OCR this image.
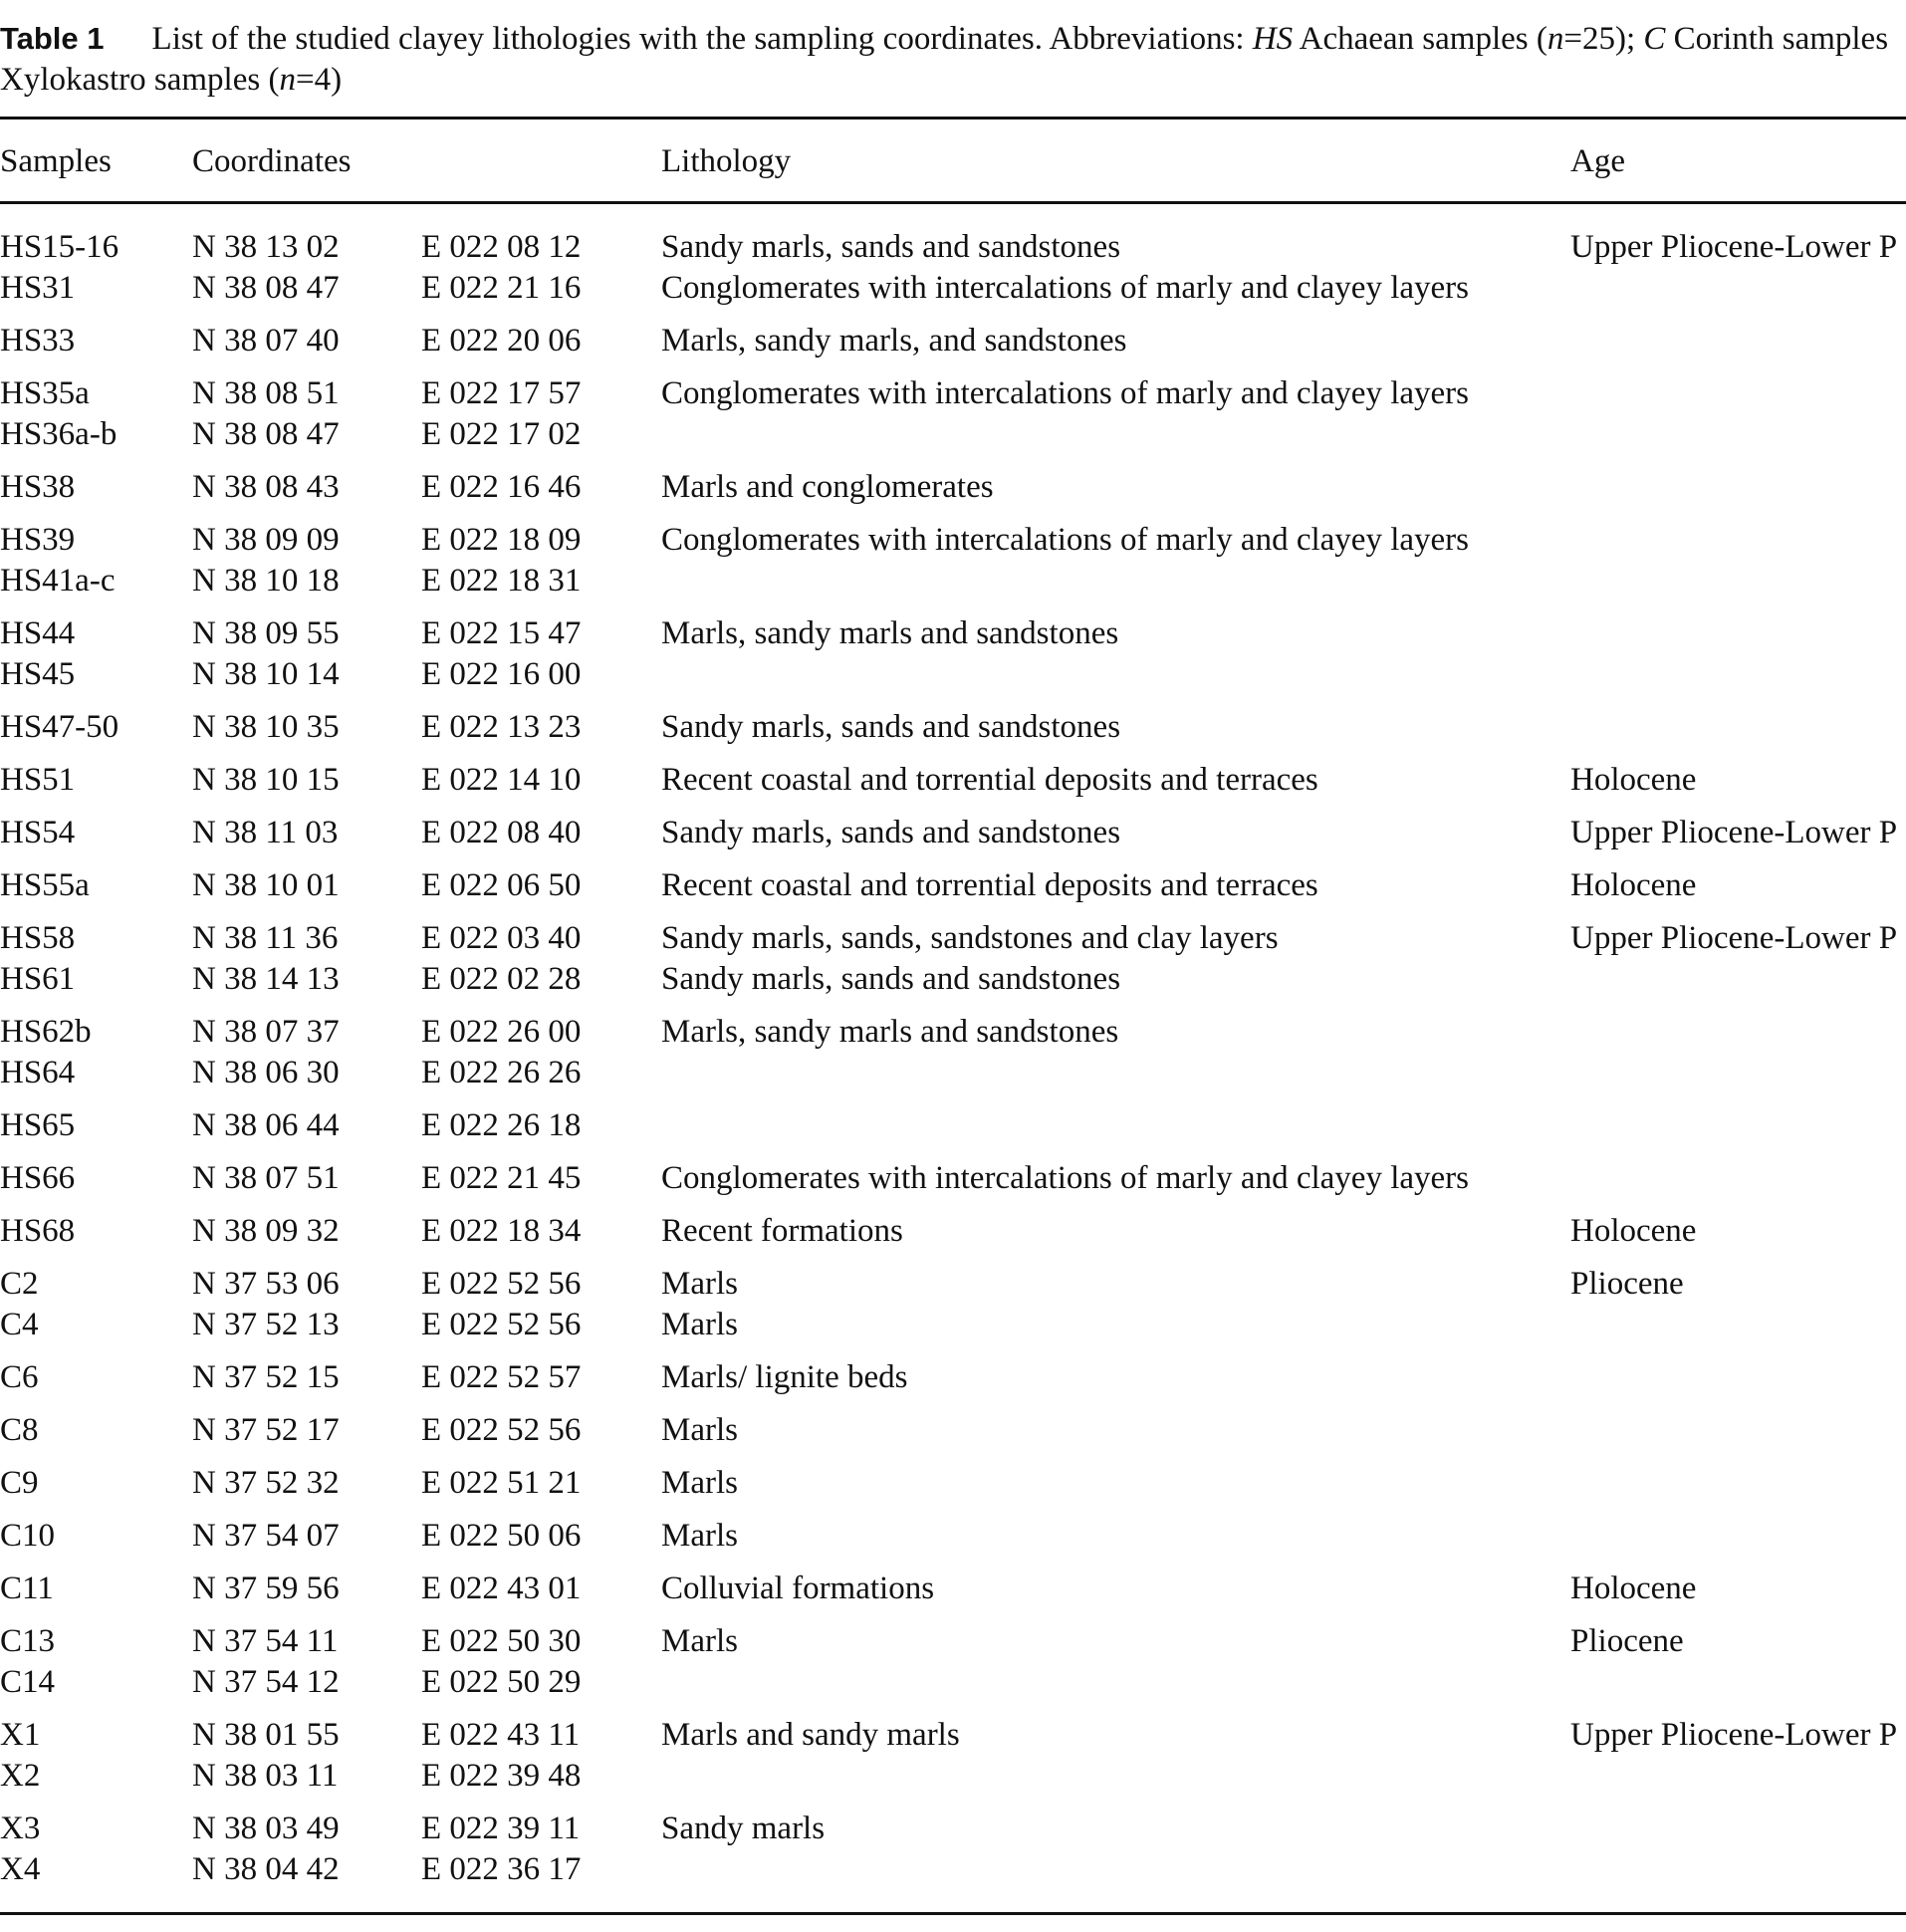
Table 1 List of the studied clayey lithologies with the sampling coordinates. Abbreviations: HS Achaean samples (n=25); C Corinth samples
Xylokastro samples (n=4)
Samples Coordinates	Lithology	Age
HS15-16 N 38 13 02 E 022 08 12 Sandy marls, sands and sandstones	Upper Pliocene-Lower P
HS31	N 38 08 47 E 022 21 16 Conglomerates with intercalations of marly and clayey layers
HS33	N 38 07 40 E 022 20 06 Marls, sandy marls, and sandstones
HS35a	N 38 08 51 E 022 17 57 Conglomerates with intercalations of marly and clayey layers
HS36a-b N 38 08 47 E 022 17 02
HS38	N 38 08 43 E 022 16 46 Marls and conglomerates
HS39	N 38 09 09 E 022 18 09 Conglomerates with intercalations of marly and clayey layers
HS41a-c N 38 10 18 E 022 18 31
HS44	N 38 09 55 E 022 15 47 Marls, sandy marls and sandstones
HS45	N 38 10 14 E 022 16 00
HS47-50 N 38 10 35 E 022 13 23 Sandy marls, sands and sandstones
HS51	N 38 10 15 E 022 14 10 Recent coastal and torrential deposits and terraces	Holocene
HS54	N 38 11 03	E 022 08 40 Sandy marls, sands and sandstones	Upper Pliocene-Lower P
HS55a	N 38 10 01 E 022 06 50 Recent coastal and torrential deposits and terraces	Holocene
HS58	N 38 11 36	E 022 03 40 Sandy marls, sands, sandstones and clay layers	Upper Pliocene-Lower P
HS61	N 38 14 13 E 022 02 28 Sandy marls, sands and sandstones
HS62b	N 38 07 37 E 022 26 00 Marls, sandy marls and sandstones
HS64	N 38 06 30 E 022 26 26
HS65	N 38 06 44 E 022 26 18
HS66	N 38 07 51 E 022 21 45 Conglomerates with intercalations of marly and clayey layers
HS68	N 38 09 32 E 022 18 34 Recent formations	Holocene
C2	N 37 53 06 E 022 52 56 Marls	Pliocene
C4	N 37 52 13 E 022 52 56 Marls
C6	N 37 52 15 E 022 52 57 Marls/ lignite beds
C8	N 37 52 17 E 022 52 56 Marls
C9	N 37 52 32 E 022 51 21 Marls
C10	N 37 54 07 E 022 50 06 Marls
C11	N 37 59 56 E 022 43 01 Colluvial formations	Holocene
C13	N 37 54 11	E 022 50 30 Marls	Pliocene
C14	N 37 54 12 E 022 50 29
X1	N 38 01 55 E 022 43 11 Marls and sandy marls	Upper Pliocene-Lower P
X2	N 38 03 11	E 022 39 48
X3	N 38 03 49 E 022 39 11 Sandy marls
X4	N 38 04 42 E 022 36 17
